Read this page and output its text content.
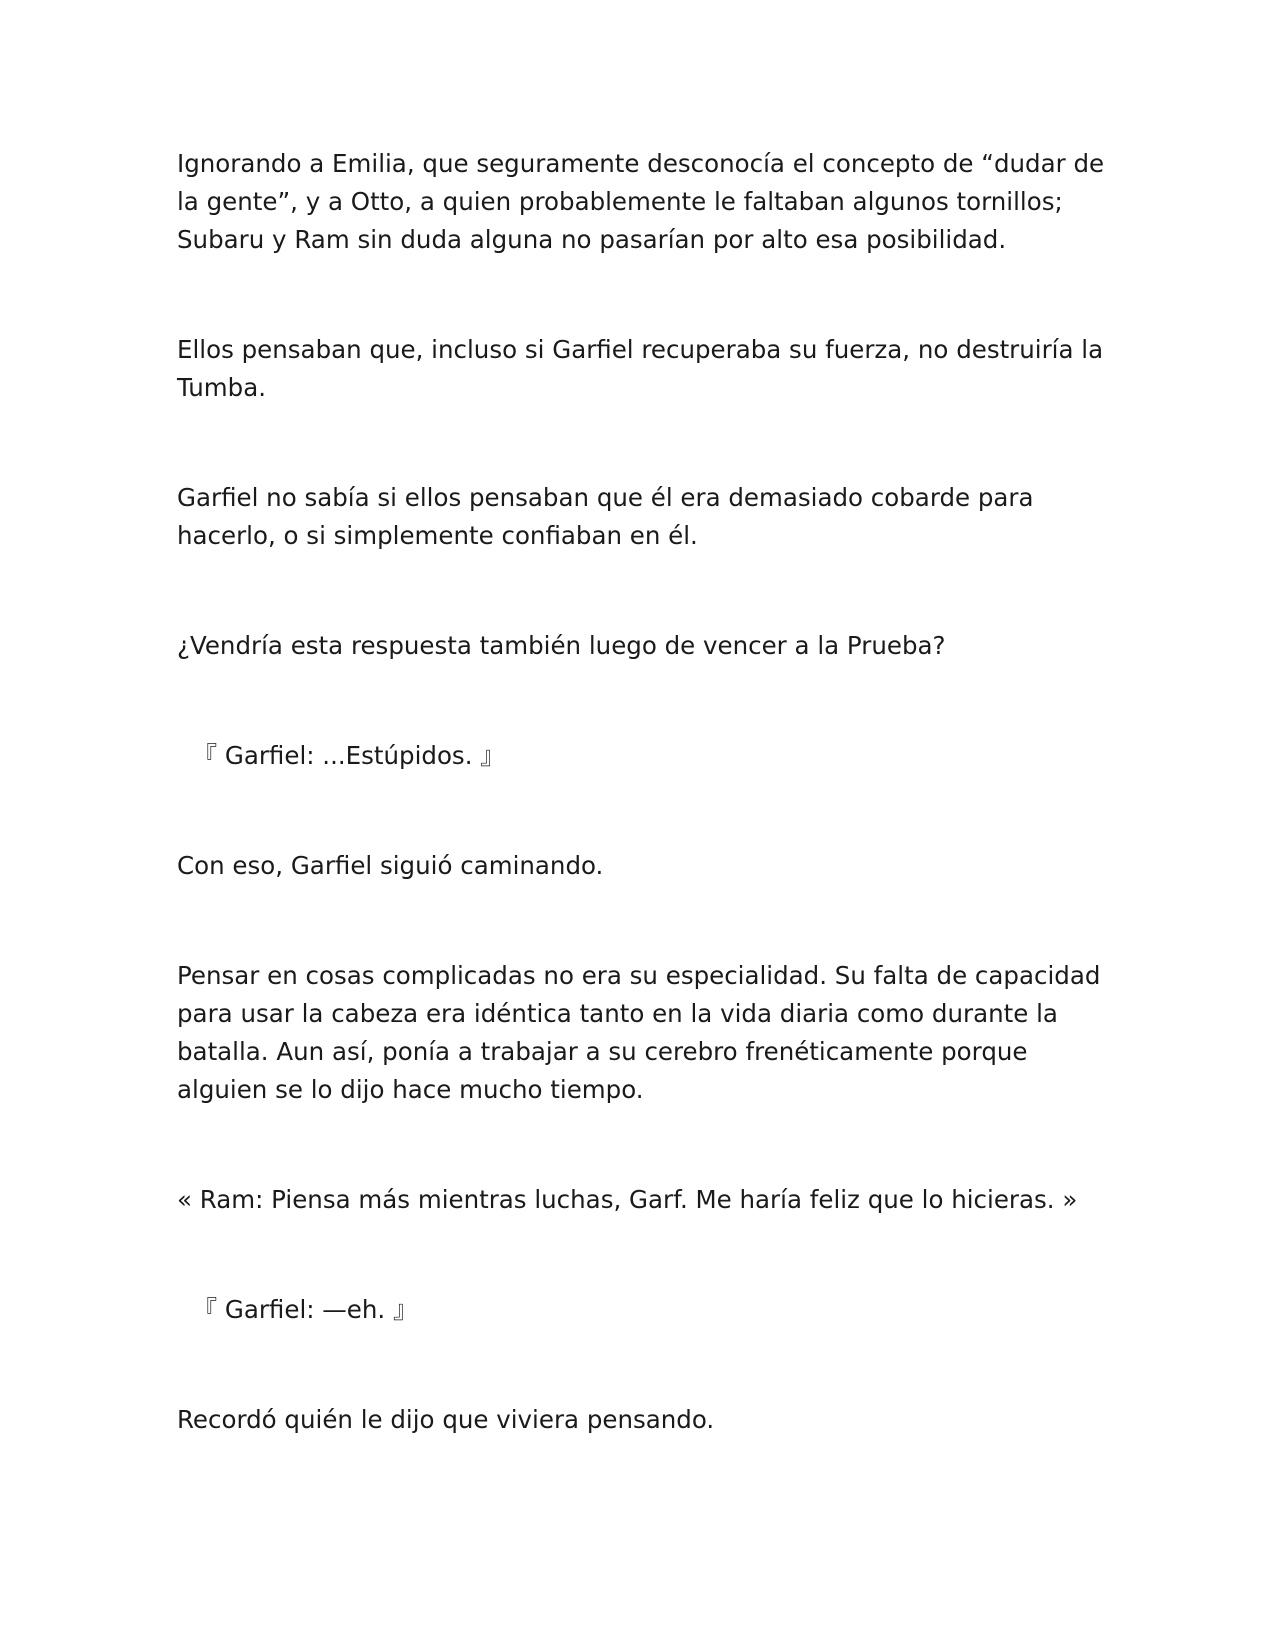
Ignorando a Emilia, que seguramente desconocía el concepto de “dudar de la gente”, y a Otto, a quien probablemente le faltaban algunos tornillos; Subaru y Ram sin duda alguna no pasarían por alto esa posibilidad.

Ellos pensaban que, incluso si Garfiel recuperaba su fuerza, no destruiría la Tumba.

Garfiel no sabía si ellos pensaban que él era demasiado cobarde para hacerlo, o si simplemente confiaban en él.

¿Vendría esta respuesta también luego de vencer a la Prueba?

『 Garfiel: ...Estúpidos. 』

Con eso, Garfiel siguió caminando.

Pensar en cosas complicadas no era su especialidad. Su falta de capacidad para usar la cabeza era idéntica tanto en la vida diaria como durante la batalla. Aun así, ponía a trabajar a su cerebro frenéticamente porque alguien se lo dijo hace mucho tiempo.

« Ram: Piensa más mientras luchas, Garf. Me haría feliz que lo hicieras. »

『 Garfiel: —eh. 』

Recordó quién le dijo que viviera pensando.
